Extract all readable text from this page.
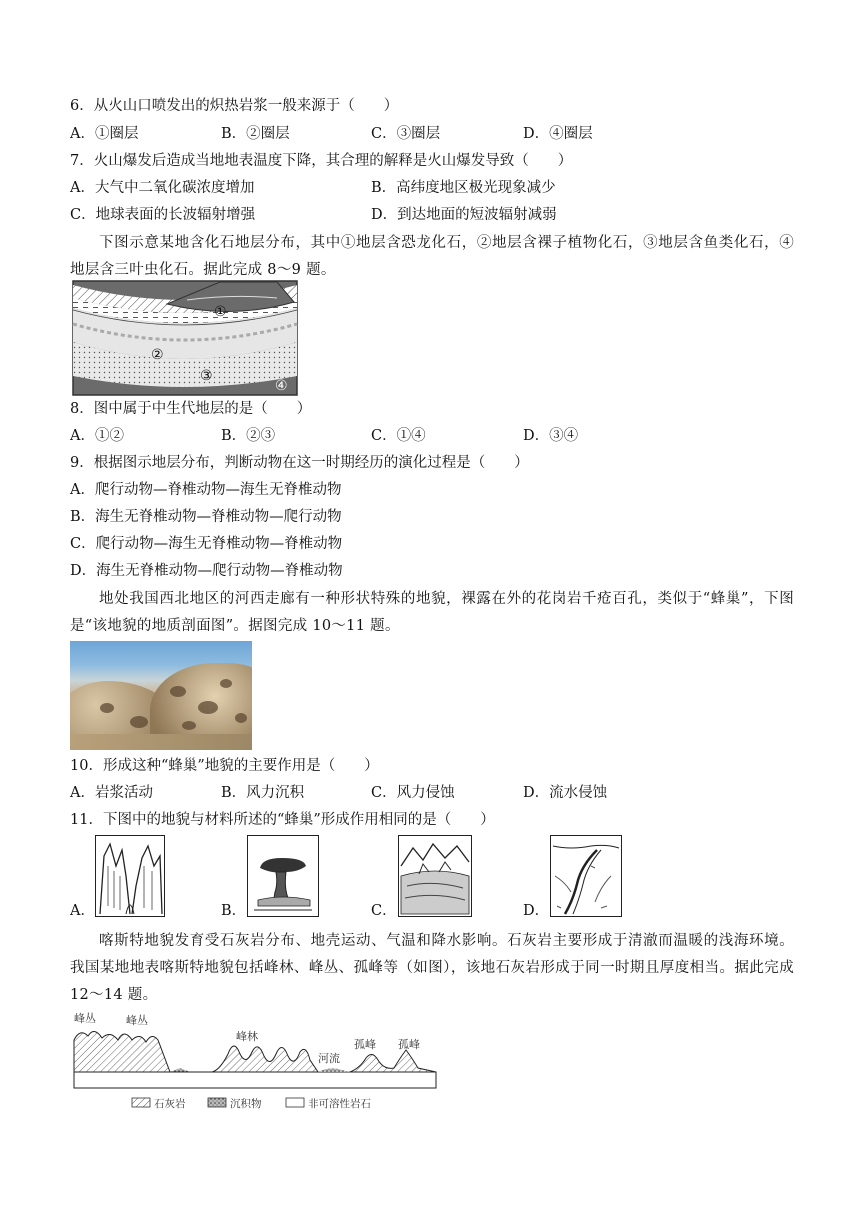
6．从火山口喷发出的炽热岩浆一般来源于（　　）
A．①圈层	B．②圈层	C．③圈层	D．④圈层
7．火山爆发后造成当地地表温度下降，其合理的解释是火山爆发导致（　　）
A．大气中二氧化碳浓度增加	B．高纬度地区极光现象减少
C．地球表面的长波辐射增强	D．到达地面的短波辐射减弱
下图示意某地含化石地层分布，其中①地层含恐龙化石，②地层含裸子植物化石，③地层含鱼类化石，④地层含三叶虫化石。据此完成 8～9 题。
①
②
③
④
8．图中属于中生代地层的是（　　）
A．①②	B．②③	C．①④	D．③④
9．根据图示地层分布，判断动物在这一时期经历的演化过程是（　　）
A．爬行动物—脊椎动物—海生无脊椎动物
B．海生无脊椎动物—脊椎动物—爬行动物
C．爬行动物—海生无脊椎动物—脊椎动物
D．海生无脊椎动物—爬行动物—脊椎动物
地处我国西北地区的河西走廊有一种形状特殊的地貌，裸露在外的花岗岩千疮百孔，类似于“蜂巢”，下图是“该地貌的地质剖面图”。据图完成 10～11 题。
10．形成这种“蜂巢”地貌的主要作用是（　　）
A．岩浆活动	B．风力沉积	C．风力侵蚀	D．流水侵蚀
11．下图中的地貌与材料所述的“蜂巢”形成作用相同的是（　　）
A．	B．	C．	D．
喀斯特地貌发育受石灰岩分布、地壳运动、气温和降水影响。石灰岩主要形成于清澈而温暖的浅海环境。我国某地地表喀斯特地貌包括峰林、峰丛、孤峰等（如图），该地石灰岩形成于同一时期且厚度相当。据此完成 12～14 题。
峰丛	峰丛
峰林
河流
孤峰 孤峰
石灰岩	沉积物	非可溶性岩石
